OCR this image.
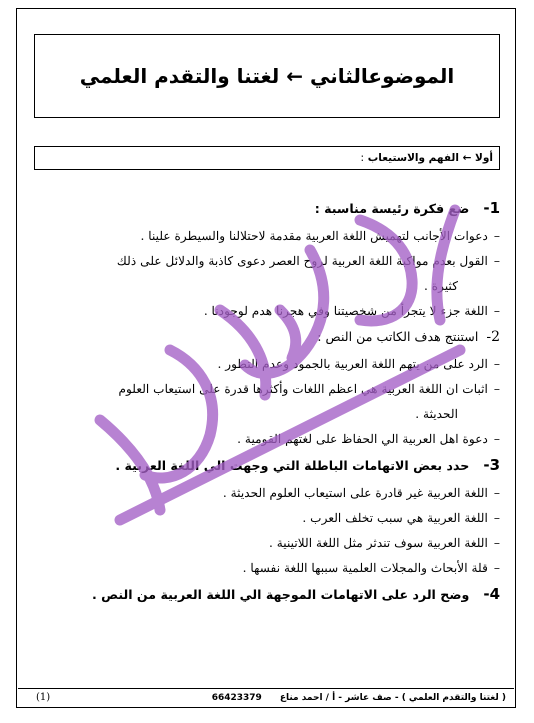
الموضوعالثاني ← لغتنا والتقدم العلمي
أولا ← الفهم والاستيعاب :
1-ضع فكرة رئيسة مناسبة :
–دعوات الأجانب لتهميش اللغة العربية مقدمة لاحتلالنا والسيطرة علينا .
–القول بعدم مواكبة اللغة العربية لروح العصر دعوى كاذبة والدلائل على ذلك
كثيرة .
–اللغة جزء لا يتجزأ من شخصيتنا وفي هجرنا هدم لوجودنا .
2-استنتج هدف الكاتب من النص :
–الرد على من يتهم اللغة العربية بالجمود وعدم التطور .
–اثبات ان اللغة العربية هي اعظم اللغات وأكثرها قدرة على استيعاب العلوم
الحديثة .
–دعوة اهل العربية الي الحفاظ على لغتهم القومية .
3-حدد بعض الاتهامات الباطلة التي وجهت الي اللغة العربية .
–اللغة العربية غير قادرة على استيعاب العلوم الحديثة .
–اللغة العربية هي سبب تخلف العرب .
–اللغة العربية سوف تندثر مثل اللغة اللاتينية .
–قلة الأبحاث والمجلات العلمية سببها اللغة نفسها .
4-وضح الرد على الاتهامات الموجهة الي اللغة العربية من النص .
(1)	( لغتنا والتقدم العلمي ) - صف عاشر - أ / احمد مناع66423379
